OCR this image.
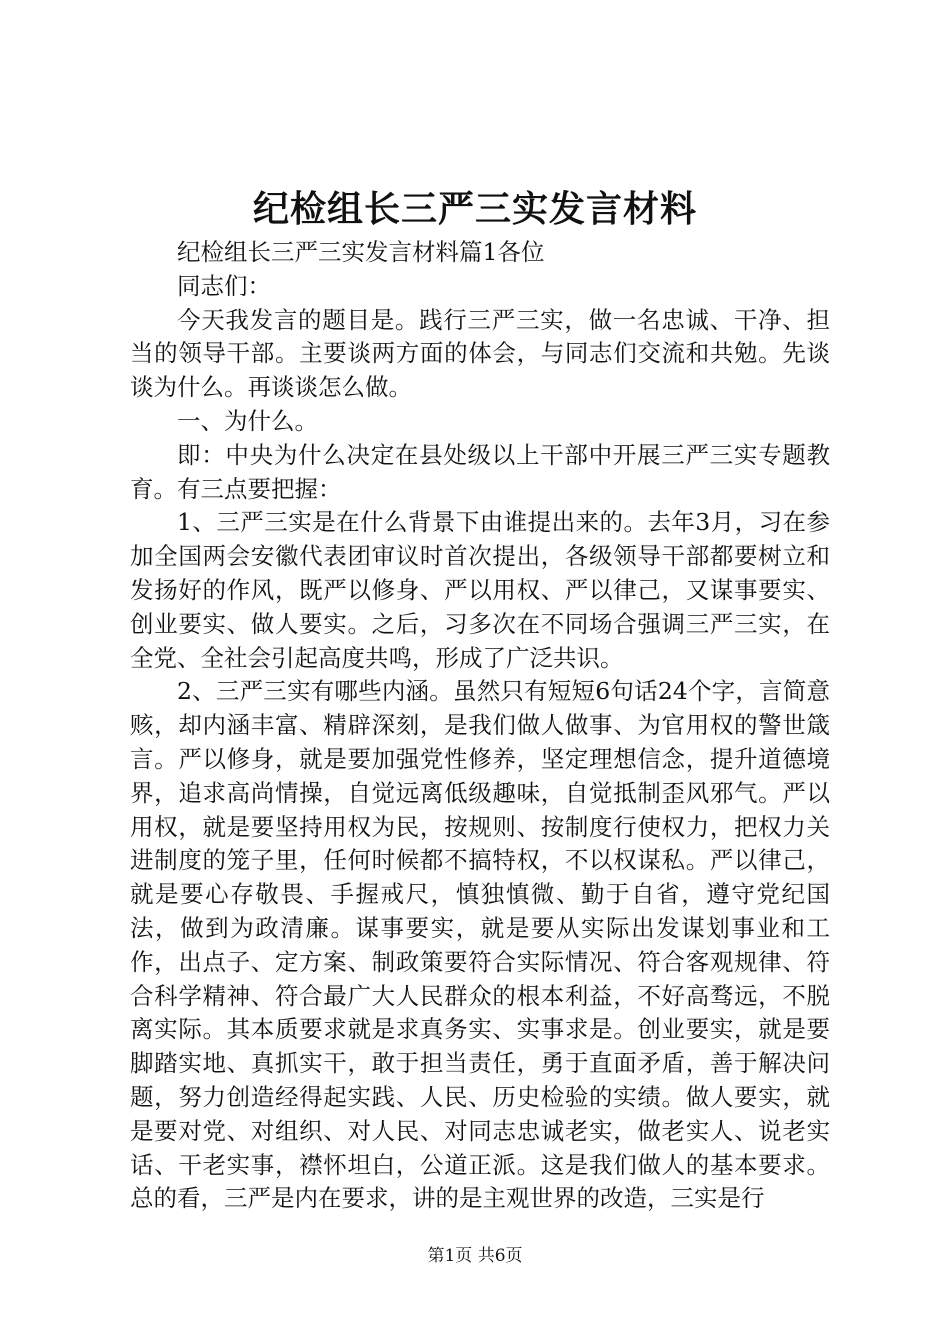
纪检组长三严三实发言材料

纪检组长三严三实发言材料篇1各位

同志们：

今天我发言的题目是。践行三严三实，做一名忠诚、干净、担当的领导干部。主要谈两方面的体会，与同志们交流和共勉。先谈谈为什么。再谈谈怎么做。

一、为什么。

即：中央为什么决定在县处级以上干部中开展三严三实专题教育。有三点要把握：

1、三严三实是在什么背景下由谁提出来的。去年3月，习在参加全国两会安徽代表团审议时首次提出，各级领导干部都要树立和发扬好的作风，既严以修身、严以用权、严以律己，又谋事要实、创业要实、做人要实。之后，习多次在不同场合强调三严三实，在全党、全社会引起高度共鸣，形成了广泛共识。

2、三严三实有哪些内涵。虽然只有短短6句话24个字，言简意赅，却内涵丰富、精辟深刻，是我们做人做事、为官用权的警世箴言。严以修身，就是要加强党性修养，坚定理想信念，提升道德境界，追求高尚情操，自觉远离低级趣味，自觉抵制歪风邪气。严以用权，就是要坚持用权为民，按规则、按制度行使权力，把权力关进制度的笼子里，任何时候都不搞特权，不以权谋私。严以律己，就是要心存敬畏、手握戒尺，慎独慎微、勤于自省，遵守党纪国法，做到为政清廉。谋事要实，就是要从实际出发谋划事业和工作，出点子、定方案、制政策要符合实际情况、符合客观规律、符合科学精神、符合最广大人民群众的根本利益，不好高骛远，不脱离实际。其本质要求就是求真务实、实事求是。创业要实，就是要脚踏实地、真抓实干，敢于担当责任，勇于直面矛盾，善于解决问题，努力创造经得起实践、人民、历史检验的实绩。做人要实，就是要对党、对组织、对人民、对同志忠诚老实，做老实人、说老实话、干老实事，襟怀坦白，公道正派。这是我们做人的基本要求。总的看，三严是内在要求，讲的是主观世界的改造，三实是行

第1页 共6页
